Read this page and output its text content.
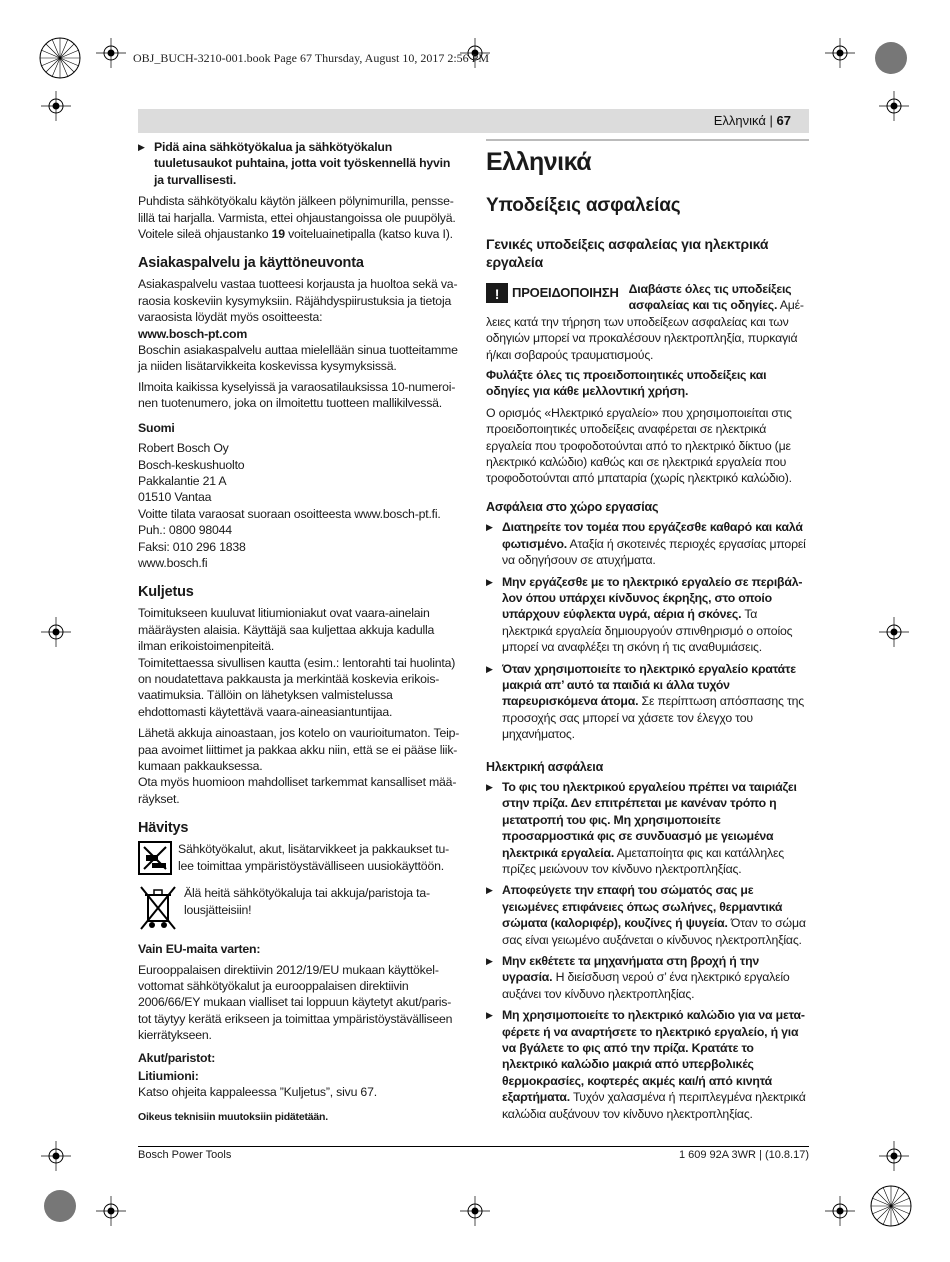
OBJ_BUCH-3210-001.book Page 67 Thursday, August 10, 2017 2:56 PM
Ελληνικά | 67
▶ Pidä aina sähkötyökalua ja sähkötyökalun tuuletusaukot puhtaina, jotta voit työskennellä hyvin ja turvallisesti.

Puhdista sähkötyökalu käytön jälkeen pölynimurilla, pensselillä tai harjalla. Varmista, ettei ohjaustangoissa ole puupölyä. Voitele sileä ohjaustanko 19 voiteluainetipalla (katso kuva I).

Asiakaspalvelu ja käyttöneuvonta

Asiakaspalvelu vastaa tuotteesi korjausta ja huoltoa sekä varaosia koskeviin kysymyksiin. Räjähdyspiirustuksia ja tietoja varaosista löydät myös osoitteesta:
www.bosch-pt.com
Boschin asiakaspalvelu auttaa mielellään sinua tuotteitamme ja niiden lisätarvikkeita koskevissa kysymyksissä.

Ilmoita kaikissa kyselyissä ja varaosatilauksissa 10-numeroinen tuotenumero, joka on ilmoitettu tuotteen mallikilvessä.

Suomi

Robert Bosch Oy
Bosch-keskushuolto
Pakkalantie 21 A
01510 Vantaa
Voitte tilata varaosat suoraan osoitteesta www.bosch-pt.fi.
Puh.: 0800 98044
Faksi: 010 296 1838
www.bosch.fi

Kuljetus

Toimitukseen kuuluvat litiumioniakut ovat vaara-ainelain määräysten alaisia. Käyttäjä saa kuljettaa akkuja kadulla ilman erikoistoimenpiteitä.

Toimitettaessa sivullisen kautta (esim.: lentorahti tai huolinta) on noudatettava pakkausta ja merkintää koskevia erikoisvaatimuksia. Tällöin on lähetyksen valmistelussa ehdottomasti käytettävä vaara-aineasiantuntijaa.

Lähetä akkuja ainoastaan, jos kotelo on vaurioitumaton. Teippaa avoimet liittimet ja pakkaa akku niin, että se ei pääse liikkumaan pakkauksessa.

Ota myös huomioon mahdolliset tarkemmat kansalliset määräykset.

Hävitys
Sähkötyökalut, akut, lisätarvikkeet ja pakkaukset tulee toimittaa ympäristöystävälliseen uusiokäyttöön.
Älä heitä sähkötyökaluja tai akkuja/paristoja talousjätteisiin!
Vain EU-maita varten:

Eurooppalaisen direktiivin 2012/19/EU mukaan käyttökelvottomat sähkötyökalut ja eurooppalaisen direktiivin 2006/66/EY mukaan vialliset tai loppuun käytetyt akut/paristot täytyy kerätä erikseen ja toimittaa ympäristöystävälliseen kierrätykseen.

Akut/paristot:
Litiumioni:

Katso ohjeita kappaleessa ”Kuljetus”, sivu 67.

Oikeus teknisiin muutoksiin pidätetään.
Ελληνικά
Υποδείξεις ασφαλείας
Γενικές υποδείξεις ασφαλείας για ηλεκτρικά εργαλεία
! ΠΡΟΕΙΔΟΠΟΙΗΣΗ Διαβάστε όλες τις υποδείξεις ασφαλείας και τις οδηγίες. Αμέλειες κατά την τήρηση των υποδείξεων ασφαλείας και των οδηγιών μπορεί να προκαλέσουν ηλεκτροπληξία, πυρκαγιά ή/και σοβαρούς τραυματισμούς.

Φυλάξτε όλες τις προειδοποιητικές υποδείξεις και οδηγίες για κάθε μελλοντική χρήση.

Ο ορισμός «Ηλεκτρικό εργαλείο» που χρησιμοποιείται στις προειδοποιητικές υποδείξεις αναφέρεται σε ηλεκτρικά εργαλεία που τροφοδοτούνται από το ηλεκτρικό δίκτυο (με ηλεκτρικό καλώδιο) καθώς και σε ηλεκτρικά εργαλεία που τροφοδοτούνται από μπαταρία (χωρίς ηλεκτρικό καλώδιο).

Ασφάλεια στο χώρο εργασίας
▶ Διατηρείτε τον τομέα που εργάζεσθε καθαρό και καλά φωτισμένο. Αταξία ή σκοτεινές περιοχές εργασίας μπορεί να οδηγήσουν σε ατυχήματα.
▶ Μην εργάζεσθε με το ηλεκτρικό εργαλείο σε περιβάλλον όπου υπάρχει κίνδυνος έκρηξης, στο οποίο υπάρχουν εύφλεκτα υγρά, αέρια ή σκόνες. Τα ηλεκτρικά εργαλεία δημιουργούν σπινθηρισμό ο οποίος μπορεί να αναφλέξει τη σκόνη ή τις αναθυμιάσεις.
▶ Όταν χρησιμοποιείτε το ηλεκτρικό εργαλείο κρατάτε μακριά απ’ αυτό τα παιδιά κι άλλα τυχόν παρευρισκόμενα άτομα. Σε περίπτωση απόσπασης της προσοχής σας μπορεί να χάσετε τον έλεγχο του μηχανήματος.
Ηλεκτρική ασφάλεια
▶ Το φις του ηλεκτρικού εργαλείου πρέπει να ταιριάζει στην πρίζα. Δεν επιτρέπεται με κανέναν τρόπο η μετατροπή του φις. Μη χρησιμοποιείτε προσαρμοστικά φις σε συνδυασμό με γειωμένα ηλεκτρικά εργαλεία. Αμεταποίητα φις και κατάλληλες πρίζες μειώνουν τον κίνδυνο ηλεκτροπληξίας.
▶ Αποφεύγετε την επαφή του σώματός σας με γειωμένες επιφάνειες όπως σωλήνες, θερμαντικά σώματα (καλοριφέρ), κουζίνες ή ψυγεία. Όταν το σώμα σας είναι γειωμένο αυξάνεται ο κίνδυνος ηλεκτροπληξίας.
▶ Μην εκθέτετε τα μηχανήματα στη βροχή ή την υγρασία. Η διείσδυση νερού σ’ ένα ηλεκτρικό εργαλείο αυξάνει τον κίνδυνο ηλεκτροπληξίας.
▶ Μη χρησιμοποιείτε το ηλεκτρικό καλώδιο για να μεταφέρετε ή να αναρτήσετε το ηλεκτρικό εργαλείο, ή για να βγάλετε το φις από την πρίζα. Κρατάτε το ηλεκτρικό καλώδιο μακριά από υπερβολικές θερμοκρασίες, κοφτερές ακμές και/ή από κινητά εξαρτήματα. Τυχόν χαλασμένα ή περιπλεγμένα ηλεκτρικά καλώδια αυξάνουν τον κίνδυνο ηλεκτροπληξίας.
Bosch Power Tools	1 609 92A 3WR | (10.8.17)
